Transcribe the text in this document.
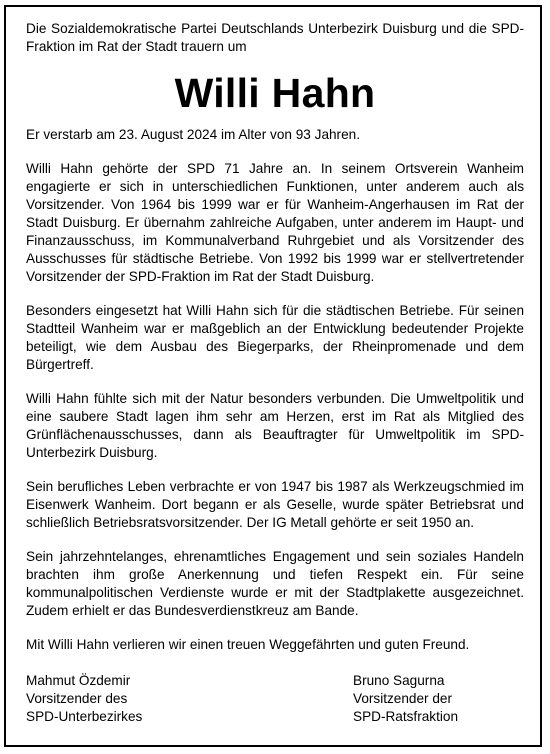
Die Sozialdemokratische Partei Deutschlands Unterbezirk Duisburg und die SPD-Fraktion im Rat der Stadt trauern um

Willi Hahn

Er verstarb am 23. August 2024 im Alter von 93 Jahren.

Willi Hahn gehörte der SPD 71 Jahre an. In seinem Ortsverein Wanheim engagierte er sich in unterschiedlichen Funktionen, unter anderem auch als Vorsitzender. Von 1964 bis 1999 war er für Wanheim-Angerhausen im Rat der Stadt Duisburg. Er übernahm zahlreiche Aufgaben, unter anderem im Haupt- und Finanzausschuss, im Kommunalverband Ruhrgebiet und als Vorsitzender des Ausschusses für städtische Betriebe. Von 1992 bis 1999 war er stellvertretender Vorsitzender der SPD-Fraktion im Rat der Stadt Duisburg.

Besonders eingesetzt hat Willi Hahn sich für die städtischen Betriebe. Für seinen Stadtteil Wanheim war er maßgeblich an der Entwicklung bedeutender Projekte beteiligt, wie dem Ausbau des Biegerparks, der Rheinpromenade und dem Bürgertreff.

Willi Hahn fühlte sich mit der Natur besonders verbunden. Die Umweltpolitik und eine saubere Stadt lagen ihm sehr am Herzen, erst im Rat als Mitglied des Grünflächenausschusses, dann als Beauftragter für Umweltpolitik im SPD-Unterbezirk Duisburg.

Sein berufliches Leben verbrachte er von 1947 bis 1987 als Werkzeugschmied im Eisenwerk Wanheim. Dort begann er als Geselle, wurde später Betriebsrat und schließlich Betriebsratsvorsitzender. Der IG Metall gehörte er seit 1950 an.

Sein jahrzehntelanges, ehrenamtliches Engagement und sein soziales Handeln brachten ihm große Anerkennung und tiefen Respekt ein. Für seine kommunalpolitischen Verdienste wurde er mit der Stadtplakette ausgezeichnet. Zudem erhielt er das Bundesverdienstkreuz am Bande.

Mit Willi Hahn verlieren wir einen treuen Weggefährten und guten Freund.

Mahmut Özdemir
Vorsitzender des
SPD-Unterbezirkes
Bruno Sagurna
Vorsitzender der
SPD-Ratsfraktion
